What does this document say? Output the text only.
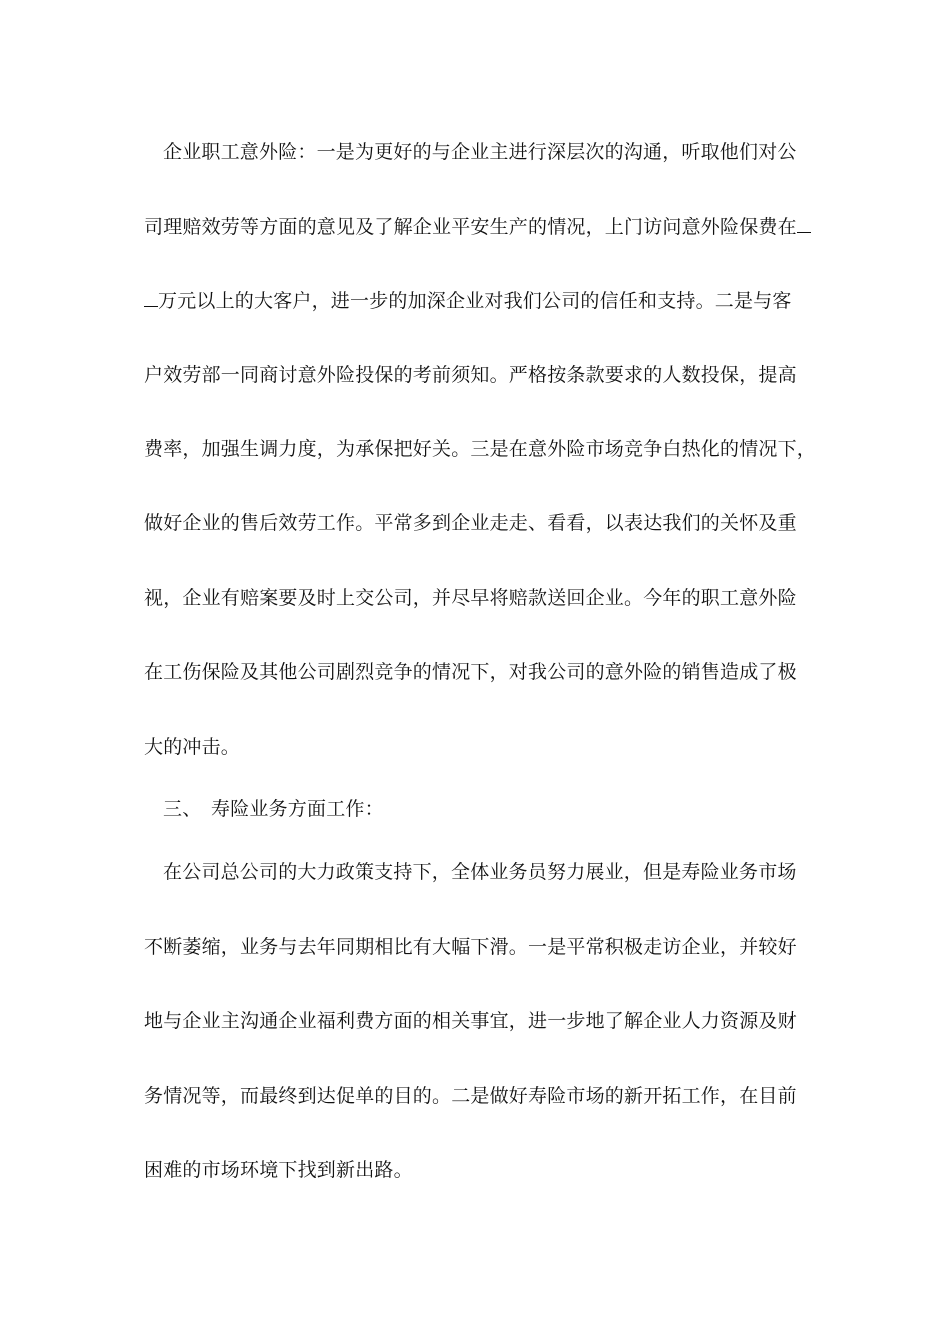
企业职工意外险：一是为更好的与企业主进行深层次的沟通，听取他们对公
司理赔效劳等方面的意见及了解企业平安生产的情况，上门访问意外险保费在
万元以上的大客户，进一步的加深企业对我们公司的信任和支持。二是与客
户效劳部一同商讨意外险投保的考前须知。严格按条款要求的人数投保，提高
费率，加强生调力度，为承保把好关。三是在意外险市场竞争白热化的情况下，
做好企业的售后效劳工作。平常多到企业走走、看看，以表达我们的关怀及重
视，企业有赔案要及时上交公司，并尽早将赔款送回企业。今年的职工意外险
在工伤保险及其他公司剧烈竞争的情况下，对我公司的意外险的销售造成了极
大的冲击。
三、 寿险业务方面工作：
在公司总公司的大力政策支持下，全体业务员努力展业，但是寿险业务市场
不断萎缩，业务与去年同期相比有大幅下滑。一是平常积极走访企业，并较好
地与企业主沟通企业福利费方面的相关事宜，进一步地了解企业人力资源及财
务情况等，而最终到达促单的目的。二是做好寿险市场的新开拓工作，在目前
困难的市场环境下找到新出路。
